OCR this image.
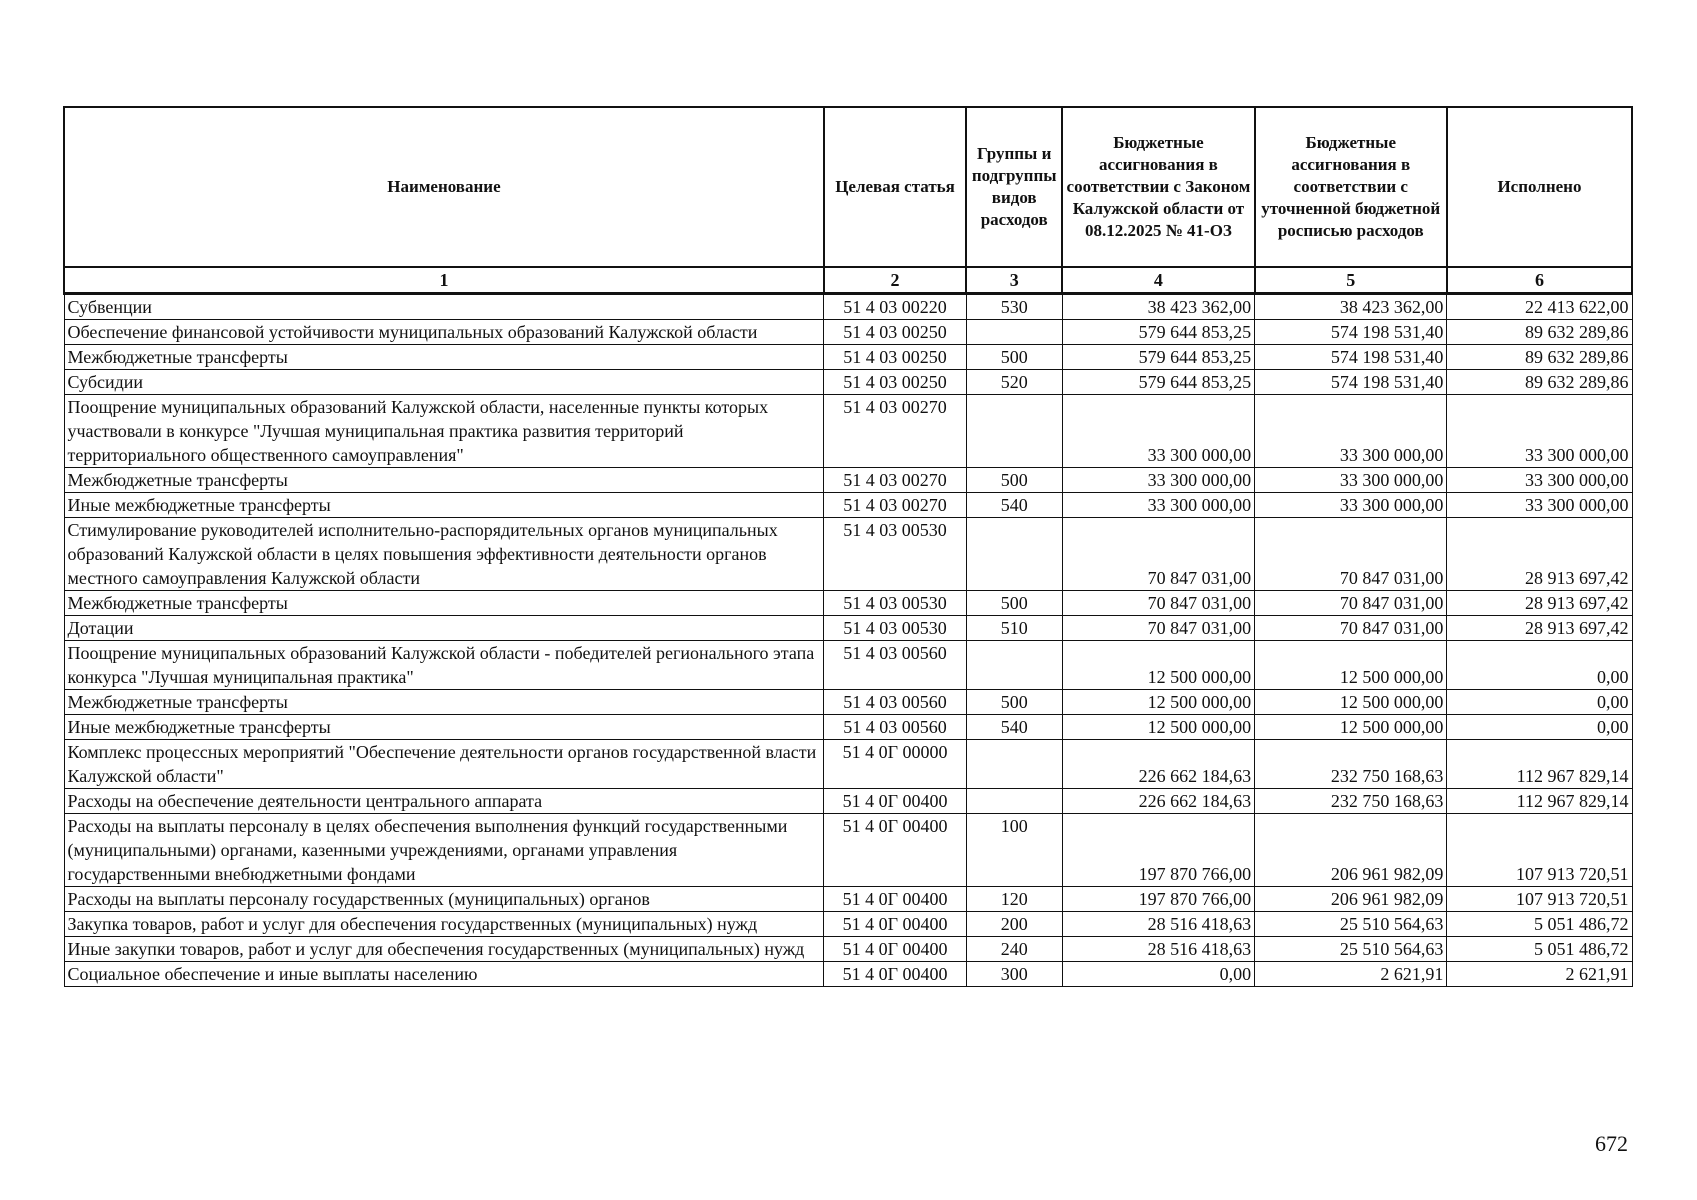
Наименование	Целевая статья	Группы и подгруппы видов расходов	Бюджетные ассигнования в соответствии с Законом Калужской области от 08.12.2025 № 41-ОЗ	Бюджетные ассигнования в соответствии с уточненной бюджетной росписью расходов	Исполнено
1	2	3	4	5	6
Субвенции	51 4 03 00220	530	38 423 362,00	38 423 362,00	22 413 622,00
Обеспечение финансовой устойчивости муниципальных образований Калужской области	51 4 03 00250		579 644 853,25	574 198 531,40	89 632 289,86
Межбюджетные трансферты	51 4 03 00250	500	579 644 853,25	574 198 531,40	89 632 289,86
Субсидии	51 4 03 00250	520	579 644 853,25	574 198 531,40	89 632 289,86
Поощрение муниципальных образований Калужской области, населенные пункты которых участвовали в конкурсе "Лучшая муниципальная практика развития территорий территориального общественного самоуправления"	51 4 03 00270		33 300 000,00	33 300 000,00	33 300 000,00
Межбюджетные трансферты	51 4 03 00270	500	33 300 000,00	33 300 000,00	33 300 000,00
Иные межбюджетные трансферты	51 4 03 00270	540	33 300 000,00	33 300 000,00	33 300 000,00
Стимулирование руководителей исполнительно-распорядительных органов муниципальных образований Калужской области в целях повышения эффективности деятельности органов местного самоуправления Калужской области	51 4 03 00530		70 847 031,00	70 847 031,00	28 913 697,42
Межбюджетные трансферты	51 4 03 00530	500	70 847 031,00	70 847 031,00	28 913 697,42
Дотации	51 4 03 00530	510	70 847 031,00	70 847 031,00	28 913 697,42
Поощрение муниципальных образований Калужской области - победителей регионального этапа конкурса "Лучшая муниципальная практика"	51 4 03 00560		12 500 000,00	12 500 000,00	0,00
Межбюджетные трансферты	51 4 03 00560	500	12 500 000,00	12 500 000,00	0,00
Иные межбюджетные трансферты	51 4 03 00560	540	12 500 000,00	12 500 000,00	0,00
Комплекс процессных мероприятий "Обеспечение деятельности органов государственной власти Калужской области"	51 4 0Г 00000		226 662 184,63	232 750 168,63	112 967 829,14
Расходы на обеспечение деятельности центрального аппарата	51 4 0Г 00400		226 662 184,63	232 750 168,63	112 967 829,14
Расходы на выплаты персоналу в целях обеспечения выполнения функций государственными (муниципальными) органами, казенными учреждениями, органами управления государственными внебюджетными фондами	51 4 0Г 00400	100	197 870 766,00	206 961 982,09	107 913 720,51
Расходы на выплаты персоналу государственных (муниципальных) органов	51 4 0Г 00400	120	197 870 766,00	206 961 982,09	107 913 720,51
Закупка товаров, работ и услуг для обеспечения государственных (муниципальных) нужд	51 4 0Г 00400	200	28 516 418,63	25 510 564,63	5 051 486,72
Иные закупки товаров, работ и услуг для обеспечения государственных (муниципальных) нужд	51 4 0Г 00400	240	28 516 418,63	25 510 564,63	5 051 486,72
Социальное обеспечение и иные выплаты населению	51 4 0Г 00400	300	0,00	2 621,91	2 621,91
672
